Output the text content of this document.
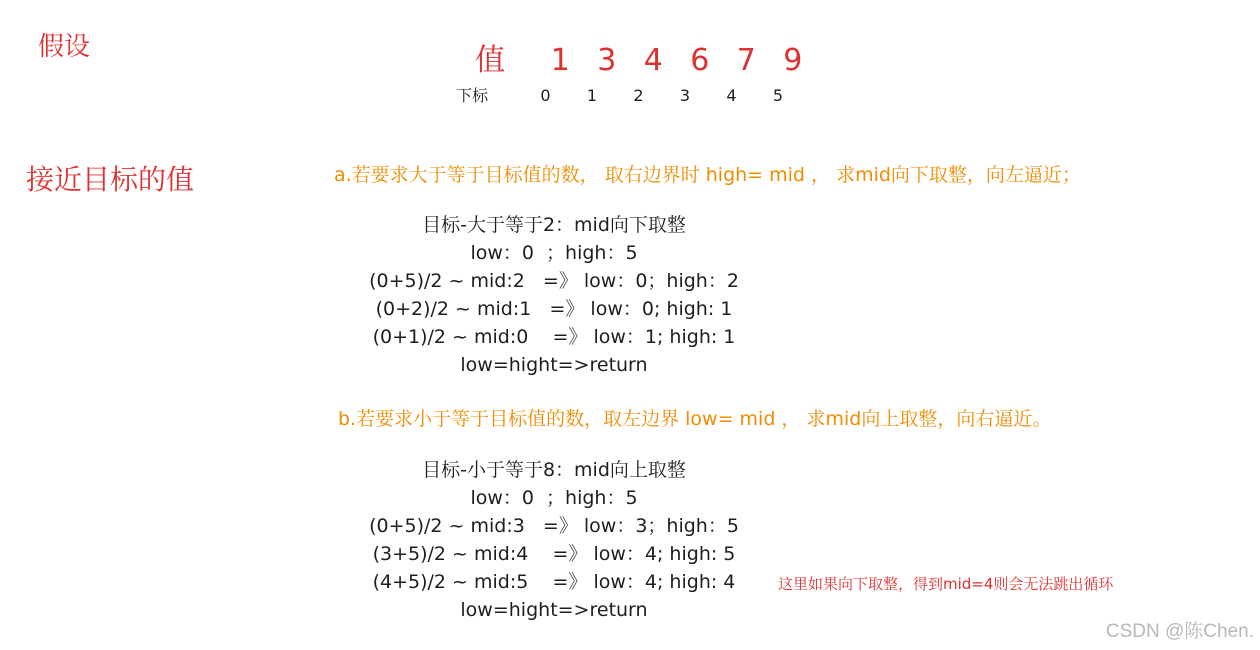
假设	值 1 3 4 6 7 9

下标	0 1 2 3 4 5

接近目标的值	a.若要求大于等于目标值的数， 取右边界时 high= mid ， 求mid向下取整，向左逼近；
目标-大于等于2：mid向下取整
low：0  ；high：5
(0+5)/2 ~ mid:2   =》 low：0；high：2
(0+2)/2 ~ mid:1   =》 low：0; high: 1
(0+1)/2 ~ mid:0    =》 low：1; high: 1
low=hight=>return
b.若要求小于等于目标值的数，取左边界 low= mid ， 求mid向上取整，向右逼近。
目标-小于等于8：mid向上取整
low：0  ；high：5
(0+5)/2 ~ mid:3   =》 low：3；high：5
(3+5)/2 ~ mid:4    =》 low：4; high: 5
(4+5)/2 ~ mid:5    =》 low：4; high: 4
low=hight=>return
这里如果向下取整，得到mid=4则会无法跳出循环
CSDN @陈Chen.
